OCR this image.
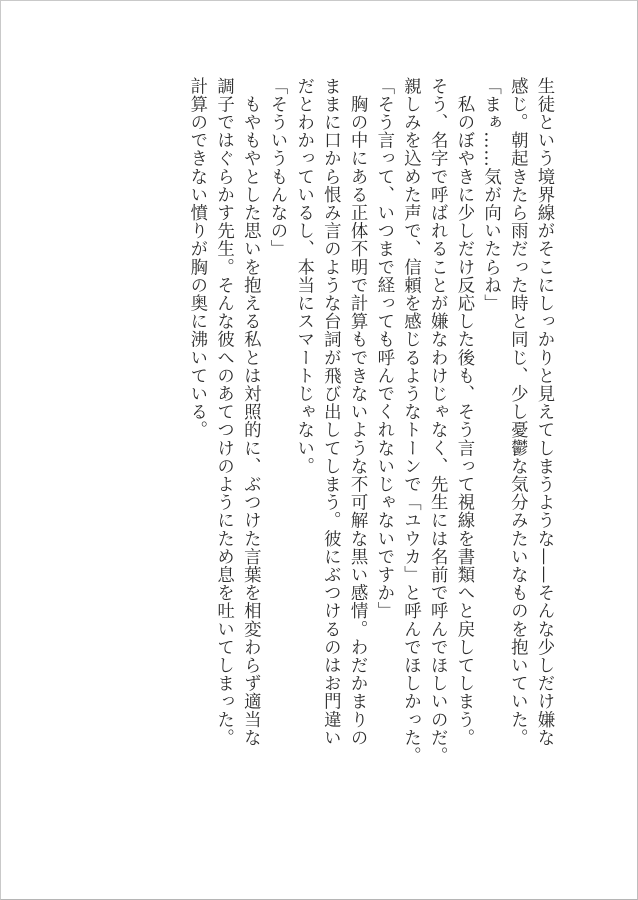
生徒という境界線がそこにしっかりと見えてしまうような——そんな少しだけ嫌な

感じ。朝起きたら雨だった時と同じ、少し憂鬱な気分みたいなものを抱いていた。

「まぁ……気が向いたらね」

　私のぼやきに少しだけ反応した後も、そう言って視線を書類へと戻してしまう。

そう、名字で呼ばれることが嫌なわけじゃなく、先生には名前で呼んでほしいのだ。

親しみを込めた声で、信頼を感じるようなトーンで「ユウカ」と呼んでほしかった。

「そう言って、いつまで経っても呼んでくれないじゃないですか」

　胸の中にある正体不明で計算もできないような不可解な黒い感情。わだかまりの

ままに口から恨み言のような台詞が飛び出してしまう。彼にぶつけるのはお門違い

だとわかっているし、本当にスマートじゃない。

「そういうもんなの」

　もやもやとした思いを抱える私とは対照的に、ぶつけた言葉を相変わらず適当な

調子ではぐらかす先生。そんな彼へのあてつけのようにため息を吐いてしまった。

計算のできない憤りが胸の奥に沸いている。
